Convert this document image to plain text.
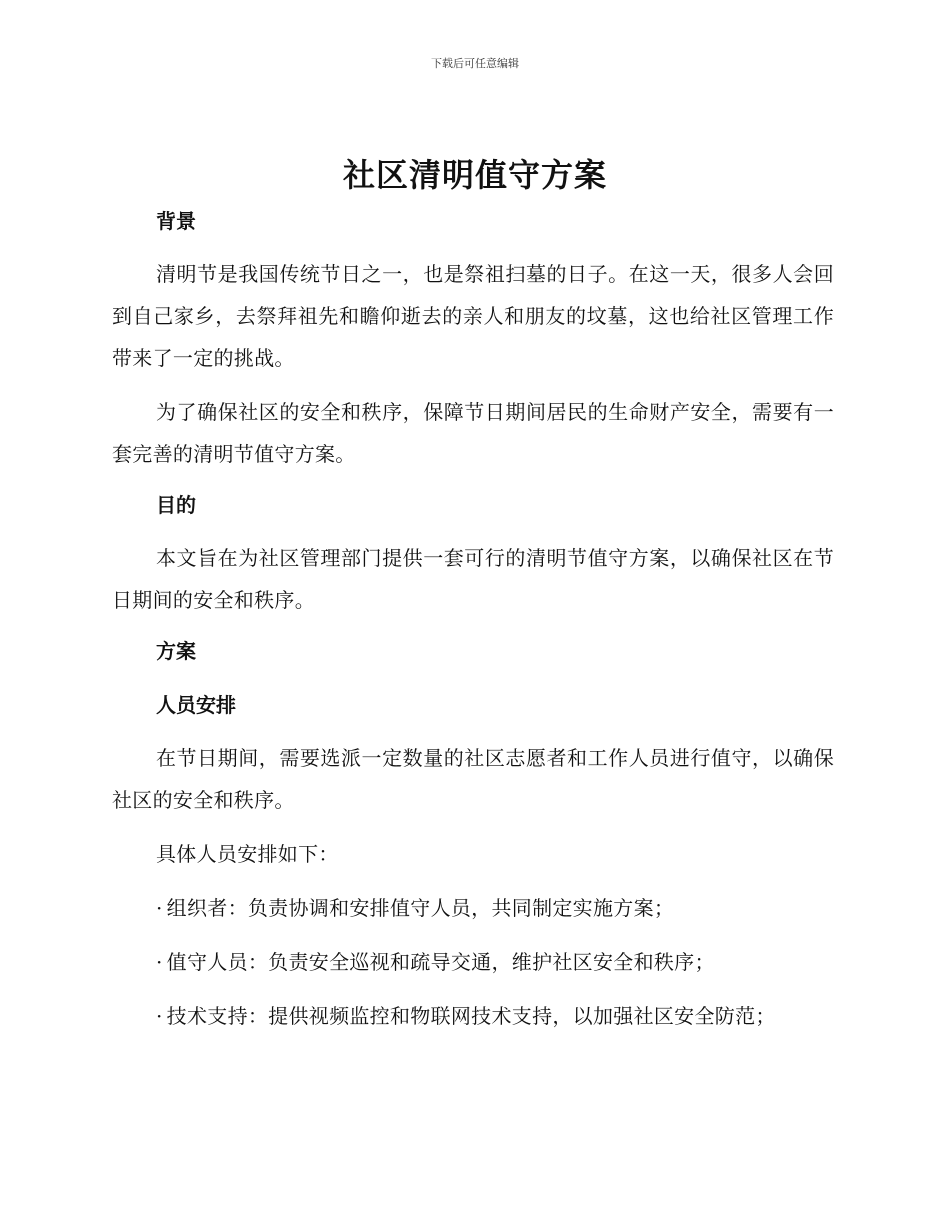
下载后可任意编辑
社区清明值守方案

背景

清明节是我国传统节日之一，也是祭祖扫墓的日子。在这一天，很多人会回到自己家乡，去祭拜祖先和瞻仰逝去的亲人和朋友的坟墓，这也给社区管理工作带来了一定的挑战。

为了确保社区的安全和秩序，保障节日期间居民的生命财产安全，需要有一套完善的清明节值守方案。

目的

本文旨在为社区管理部门提供一套可行的清明节值守方案，以确保社区在节日期间的安全和秩序。

方案

人员安排

在节日期间，需要选派一定数量的社区志愿者和工作人员进行值守，以确保社区的安全和秩序。

具体人员安排如下：

· 组织者：负责协调和安排值守人员，共同制定实施方案；

· 值守人员：负责安全巡视和疏导交通，维护社区安全和秩序；

· 技术支持：提供视频监控和物联网技术支持，以加强社区安全防范；
